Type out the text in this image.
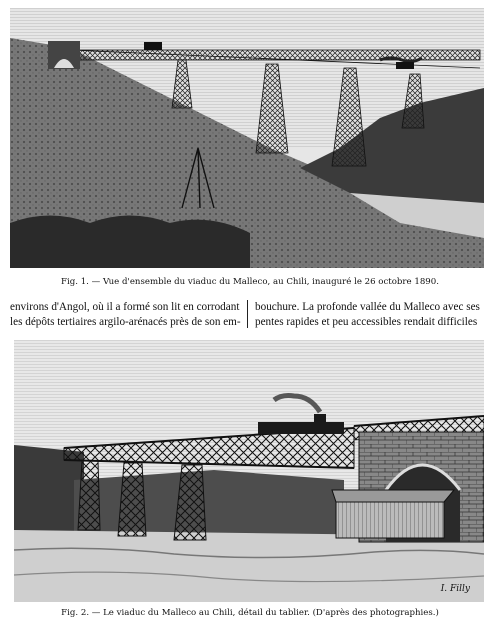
Fig. 1. — Vue d'ensemble du viaduc du Malleco, au Chili, inauguré le 26 octobre 1890.
environs d'Angol, où il a formé son lit en corrodant
les dépôts tertiaires argilo-arénacés près de son em-
bouchure. La profonde vallée du Malleco avec ses
pentes rapides et peu accessibles rendait difficiles
I. Filly
Fig. 2. — Le viaduc du Malleco au Chili, détail du tablier. (D'après des photographies.)
